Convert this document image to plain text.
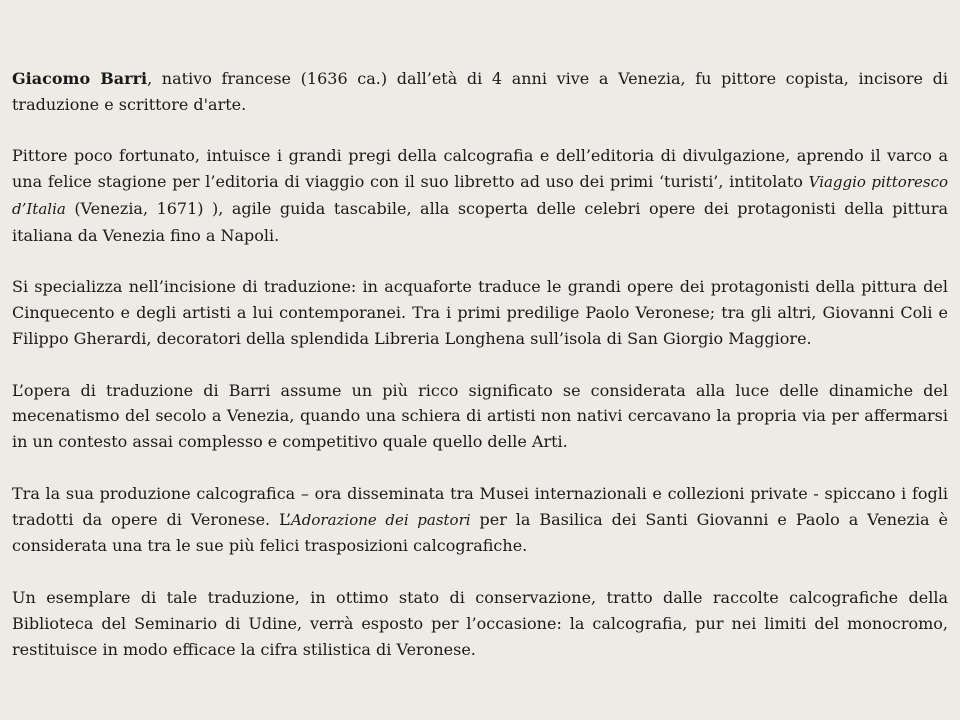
Giacomo Barri, nativo francese (1636 ca.) dall’età di 4 anni vive a Venezia, fu pittore copista, incisore di traduzione e scrittore d'arte.

Pittore poco fortunato, intuisce i grandi pregi della calcografia e dell’editoria di divulgazione, aprendo il varco a una felice stagione per l’editoria di viaggio con il suo libretto ad uso dei primi ‘turisti’, intitolato Viaggio pittoresco d’Italia (Venezia, 1671) ), agile guida tascabile, alla scoperta delle celebri opere dei protagonisti della pittura italiana da Venezia fino a Napoli.

Si specializza nell’incisione di traduzione: in acquaforte traduce le grandi opere dei protagonisti della pittura del Cinquecento e degli artisti a lui contemporanei. Tra i primi predilige Paolo Veronese; tra gli altri, Giovanni Coli e Filippo Gherardi, decoratori della splendida Libreria Longhena sull’isola di San Giorgio Maggiore.

L’opera di traduzione di Barri assume un più ricco significato se considerata alla luce delle dinamiche del mecenatismo del secolo a Venezia, quando una schiera di artisti non nativi cercavano la propria via per affermarsi in un contesto assai complesso e competitivo quale quello delle Arti.

Tra la sua produzione calcografica – ora disseminata tra Musei internazionali e collezioni private - spiccano i fogli tradotti da opere di Veronese. L’Adorazione dei pastori per la Basilica dei Santi Giovanni e Paolo a Venezia è considerata una tra le sue più felici trasposizioni calcografiche.

Un esemplare di tale traduzione, in ottimo stato di conservazione, tratto dalle raccolte calcografiche della Biblioteca del Seminario di Udine, verrà esposto per l’occasione: la calcografia, pur nei limiti del monocromo, restituisce in modo efficace la cifra stilistica di Veronese.
